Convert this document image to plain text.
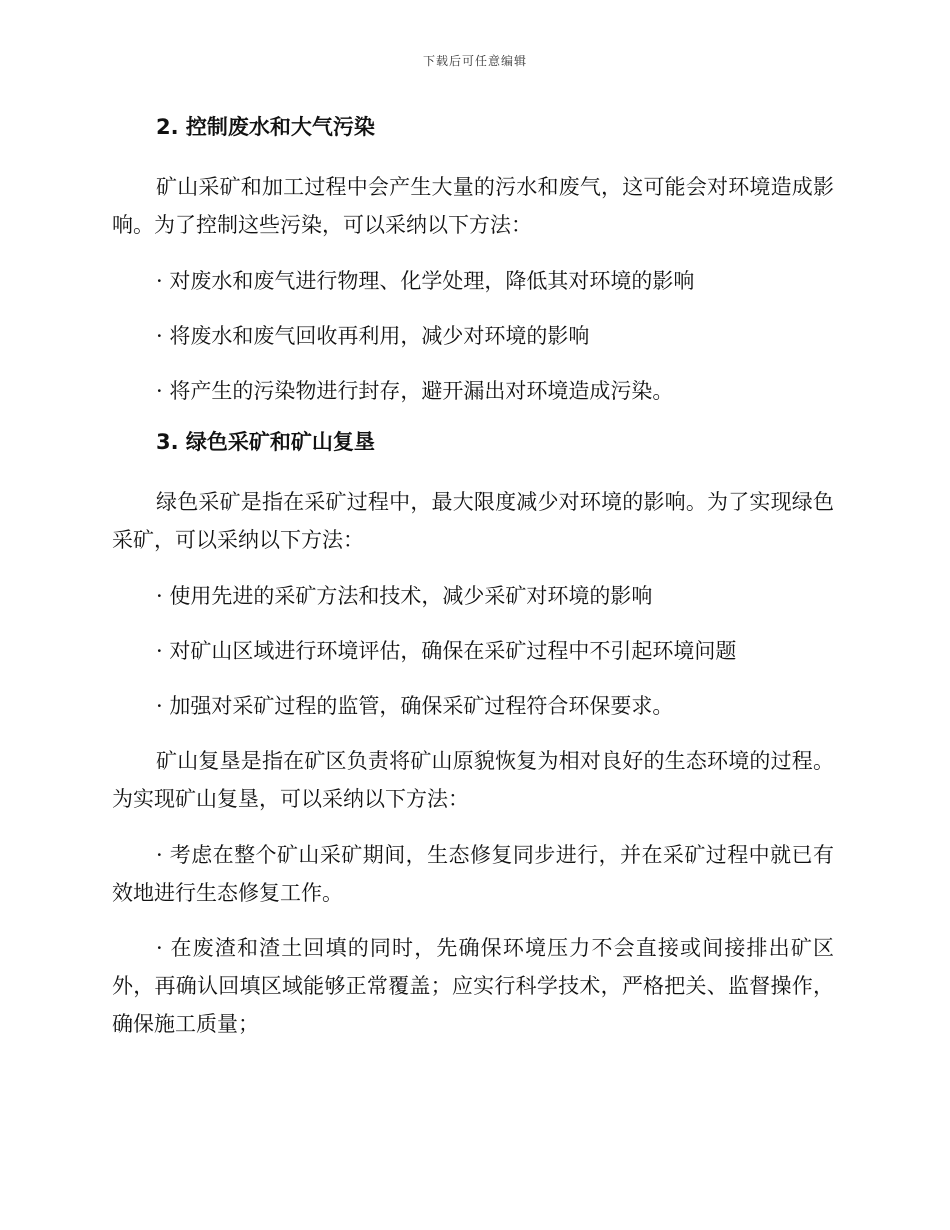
下载后可任意编辑
2. 控制废水和大气污染

矿山采矿和加工过程中会产生大量的污水和废气，这可能会对环境造成影响。为了控制这些污染，可以采纳以下方法：

· 对废水和废气进行物理、化学处理，降低其对环境的影响

· 将废水和废气回收再利用，减少对环境的影响

· 将产生的污染物进行封存，避开漏出对环境造成污染。

3. 绿色采矿和矿山复垦

绿色采矿是指在采矿过程中，最大限度减少对环境的影响。为了实现绿色采矿，可以采纳以下方法：

· 使用先进的采矿方法和技术，减少采矿对环境的影响

· 对矿山区域进行环境评估，确保在采矿过程中不引起环境问题

· 加强对采矿过程的监管，确保采矿过程符合环保要求。

矿山复垦是指在矿区负责将矿山原貌恢复为相对良好的生态环境的过程。为实现矿山复垦，可以采纳以下方法：

· 考虑在整个矿山采矿期间，生态修复同步进行，并在采矿过程中就已有效地进行生态修复工作。

· 在废渣和渣土回填的同时，先确保环境压力不会直接或间接排出矿区外，再确认回填区域能够正常覆盖；应实行科学技术，严格把关、监督操作，确保施工质量；
